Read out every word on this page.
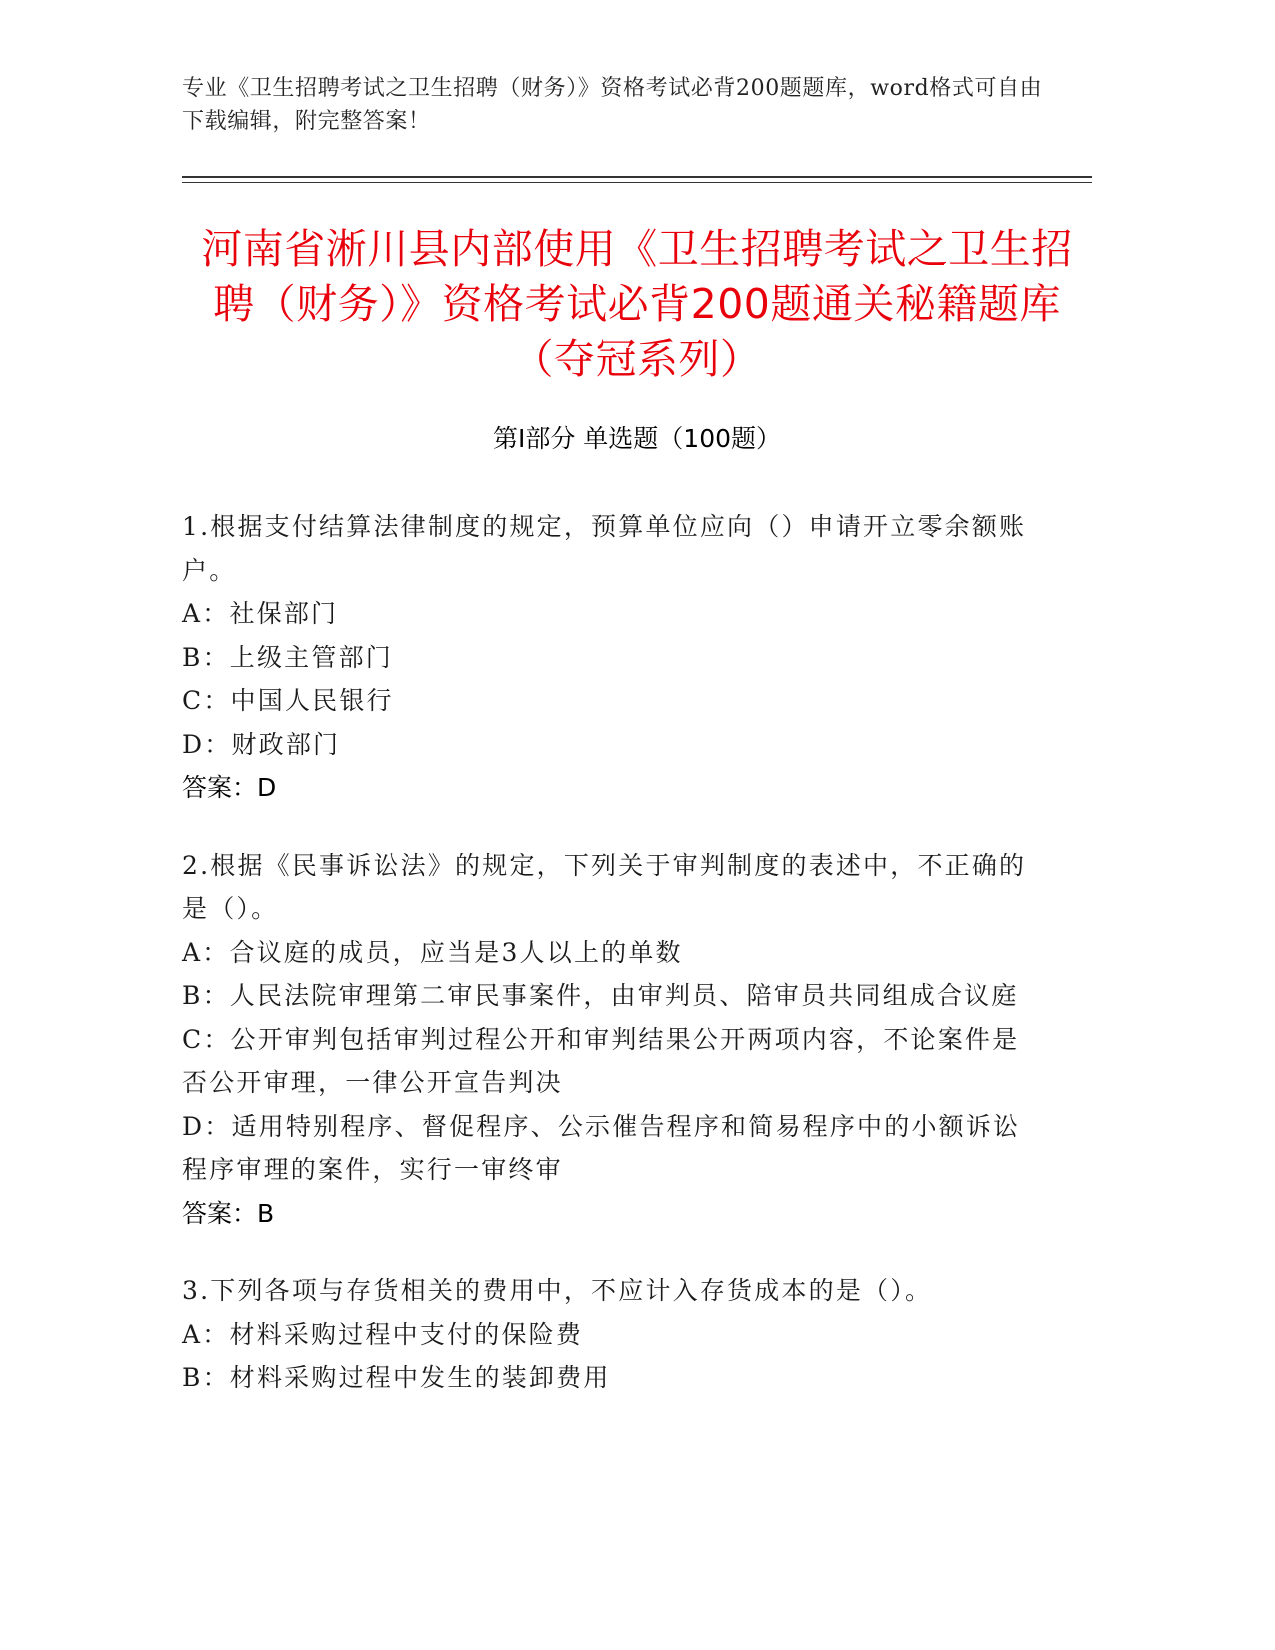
专业《卫生招聘考试之卫生招聘（财务）》资格考试必背200题题库，word格式可自由下载编辑，附完整答案！
河南省淅川县内部使用《卫生招聘考试之卫生招聘（财务）》资格考试必背200题通关秘籍题库（夺冠系列）
第Ⅰ部分 单选题（100题）
1.根据支付结算法律制度的规定，预算单位应向（）申请开立零余额账户。
A：社保部门
B：上级主管部门
C：中国人民银行
D：财政部门
答案：D
2.根据《民事诉讼法》的规定，下列关于审判制度的表述中，不正确的是（）。
A：合议庭的成员，应当是3人以上的单数
B：人民法院审理第二审民事案件，由审判员、陪审员共同组成合议庭
C：公开审判包括审判过程公开和审判结果公开两项内容，不论案件是否公开审理，一律公开宣告判决
D：适用特别程序、督促程序、公示催告程序和简易程序中的小额诉讼程序审理的案件，实行一审终审
答案：B
3.下列各项与存货相关的费用中，不应计入存货成本的是（）。
A：材料采购过程中支付的保险费
B：材料采购过程中发生的装卸费用
